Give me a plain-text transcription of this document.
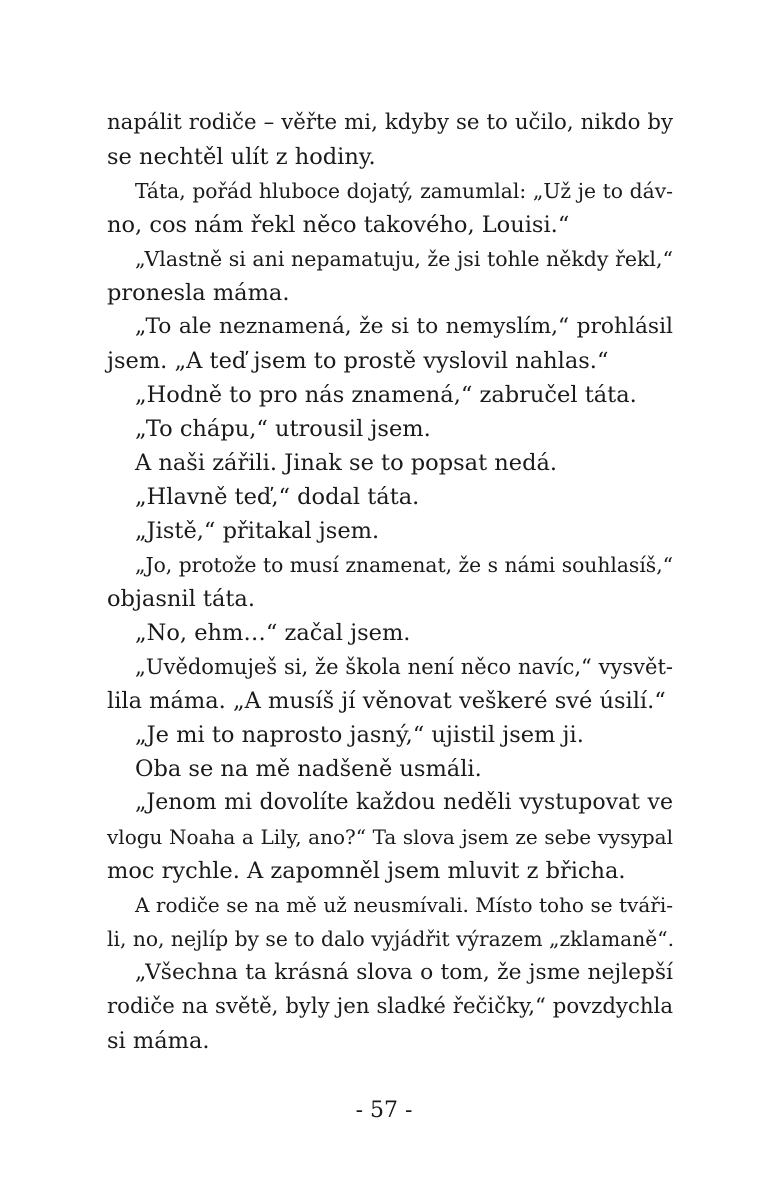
napálit rodiče – věřte mi, kdyby se to učilo, nikdo by
se nechtěl ulít z hodiny.
Táta, pořád hluboce dojatý, zamumlal: „Už je to dáv-
no, cos nám řekl něco takového, Louisi.“
„Vlastně si ani nepamatuju, že jsi tohle někdy řekl,“
pronesla máma.
„To ale neznamená, že si to nemyslím,“ prohlásil
jsem. „A teď jsem to prostě vyslovil nahlas.“
„Hodně to pro nás znamená,“ zabručel táta.
„To chápu,“ utrousil jsem.
A naši zářili. Jinak se to popsat nedá.
„Hlavně teď,“ dodal táta.
„Jistě,“ přitakal jsem.
„Jo, protože to musí znamenat, že s námi souhlasíš,“
objasnil táta.
„No, ehm…“ začal jsem.
„Uvědomuješ si, že škola není něco navíc,“ vysvět-
lila máma. „A musíš jí věnovat veškeré své úsilí.“
„Je mi to naprosto jasný,“ ujistil jsem ji.
Oba se na mě nadšeně usmáli.
„Jenom mi dovolíte každou neděli vystupovat ve
vlogu Noaha a Lily, ano?“ Ta slova jsem ze sebe vysypal
moc rychle. A zapomněl jsem mluvit z břicha.
A rodiče se na mě už neusmívali. Místo toho se tváři-
li, no, nejlíp by se to dalo vyjádřit výrazem „zklamaně“.
„Všechna ta krásná slova o tom, že jsme nejlepší
rodiče na světě, byly jen sladké řečičky,“ povzdychla
si máma.
- 57 -
